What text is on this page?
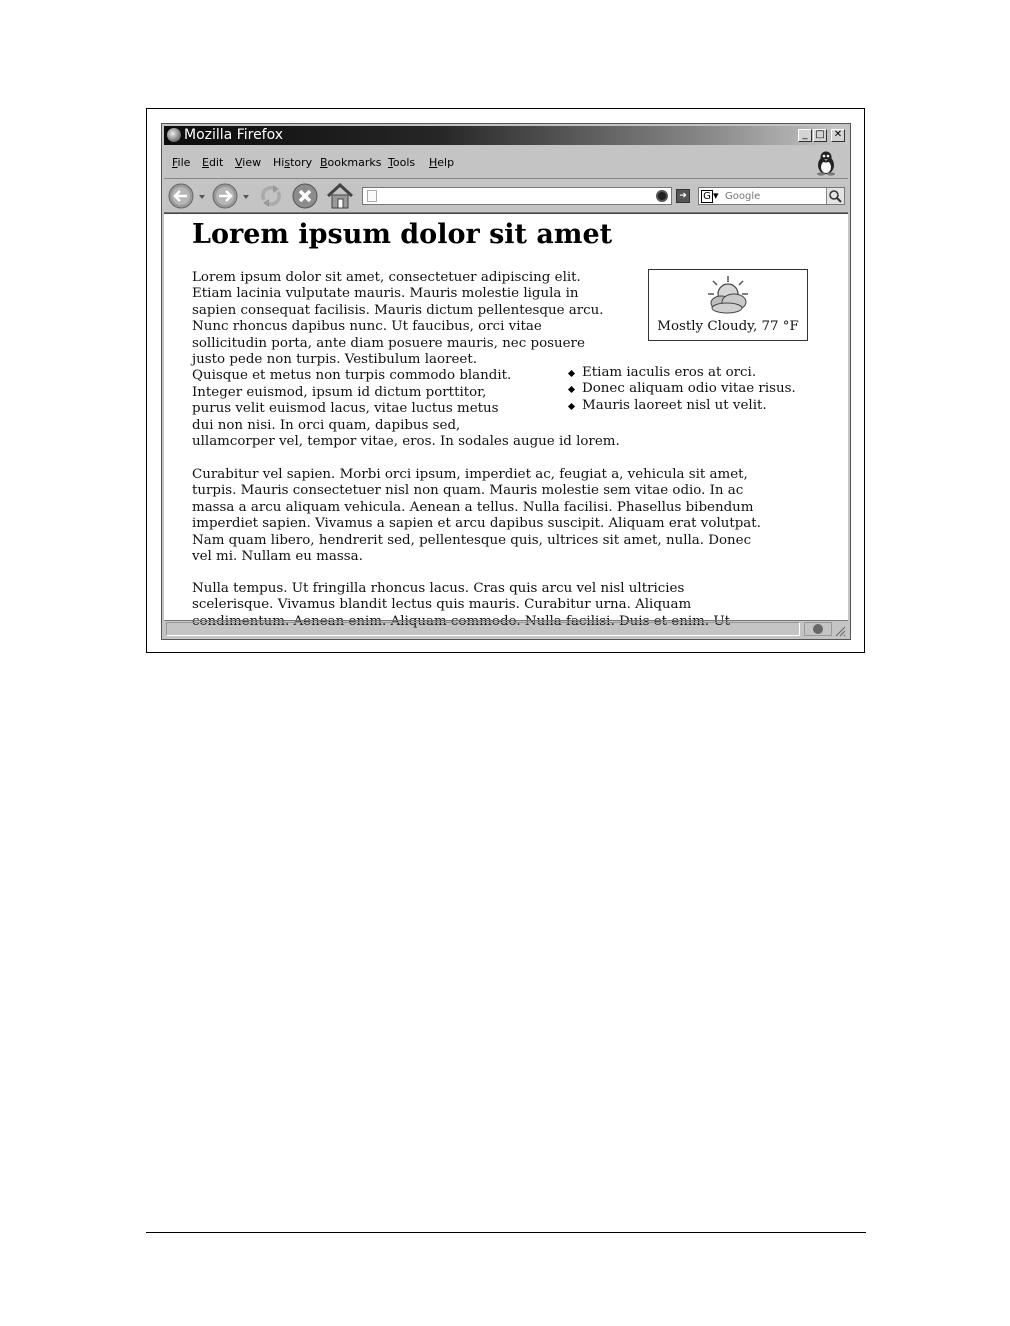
Mozilla Firefox	_ □ ✕
File Edit View History Bookmarks Tools Help
➜	G ▾
Google
Lorem ipsum dolor sit amet
Lorem ipsum dolor sit amet, consectetuer adipiscing elit.
Etiam lacinia vulputate mauris. Mauris molestie ligula in
sapien consequat facilisis. Mauris dictum pellentesque arcu.
Nunc rhoncus dapibus nunc. Ut faucibus, orci vitae
sollicitudin porta, ante diam posuere mauris, nec posuere
justo pede non turpis. Vestibulum laoreet.
Quisque et metus non turpis commodo blandit.
Integer euismod, ipsum id dictum porttitor,
purus velit euismod lacus, vitae luctus metus
dui non nisi. In orci quam, dapibus sed,
ullamcorper vel, tempor vitae, eros. In sodales augue id lorem.
Mostly Cloudy, 77 °F
Etiam iaculis eros at orci.
Donec aliquam odio vitae risus.
Mauris laoreet nisl ut velit.
Curabitur vel sapien. Morbi orci ipsum, imperdiet ac, feugiat a, vehicula sit amet,
turpis. Mauris consectetuer nisl non quam. Mauris molestie sem vitae odio. In ac
massa a arcu aliquam vehicula. Aenean a tellus. Nulla facilisi. Phasellus bibendum
imperdiet sapien. Vivamus a sapien et arcu dapibus suscipit. Aliquam erat volutpat.
Nam quam libero, hendrerit sed, pellentesque quis, ultrices sit amet, nulla. Donec
vel mi. Nullam eu massa.
Nulla tempus. Ut fringilla rhoncus lacus. Cras quis arcu vel nisl ultricies
scelerisque. Vivamus blandit lectus quis mauris. Curabitur urna. Aliquam
condimentum. Aenean enim. Aliquam commodo. Nulla facilisi. Duis et enim. Ut
